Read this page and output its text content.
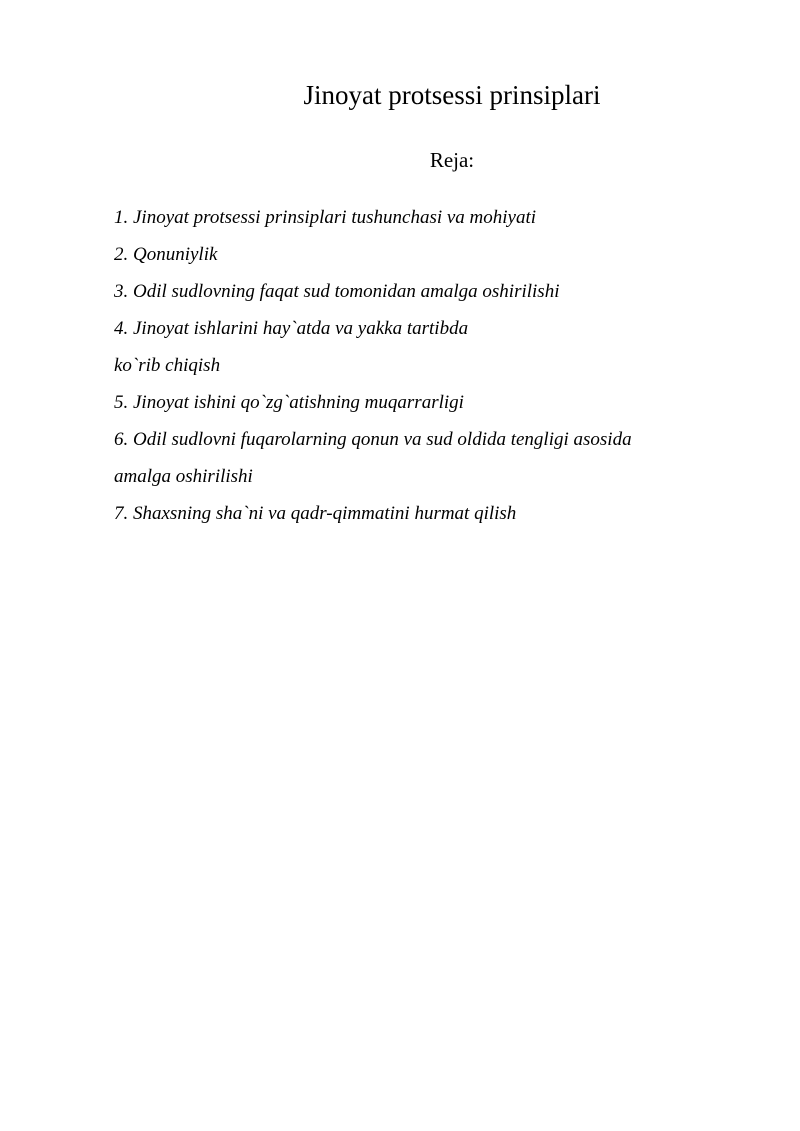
Jinoyat protsessi prinsiplari
Reja:
1. Jinoyat protsessi prinsiplari tushunchasi va mohiyati
2. Qonuniylik
3. Odil sudlovning faqat sud tomonidan amalga oshirilishi
4. Jinoyat ishlarini hay`atda va yakka tartibda
ko`rib chiqish
5. Jinoyat ishini qo`zg`atishning muqarrarligi
6. Odil sudlovni fuqarolarning qonun va sud oldida tengligi asosida
amalga oshirilishi
7. Shaxsning sha`ni va qadr-qimmatini hurmat qilish
